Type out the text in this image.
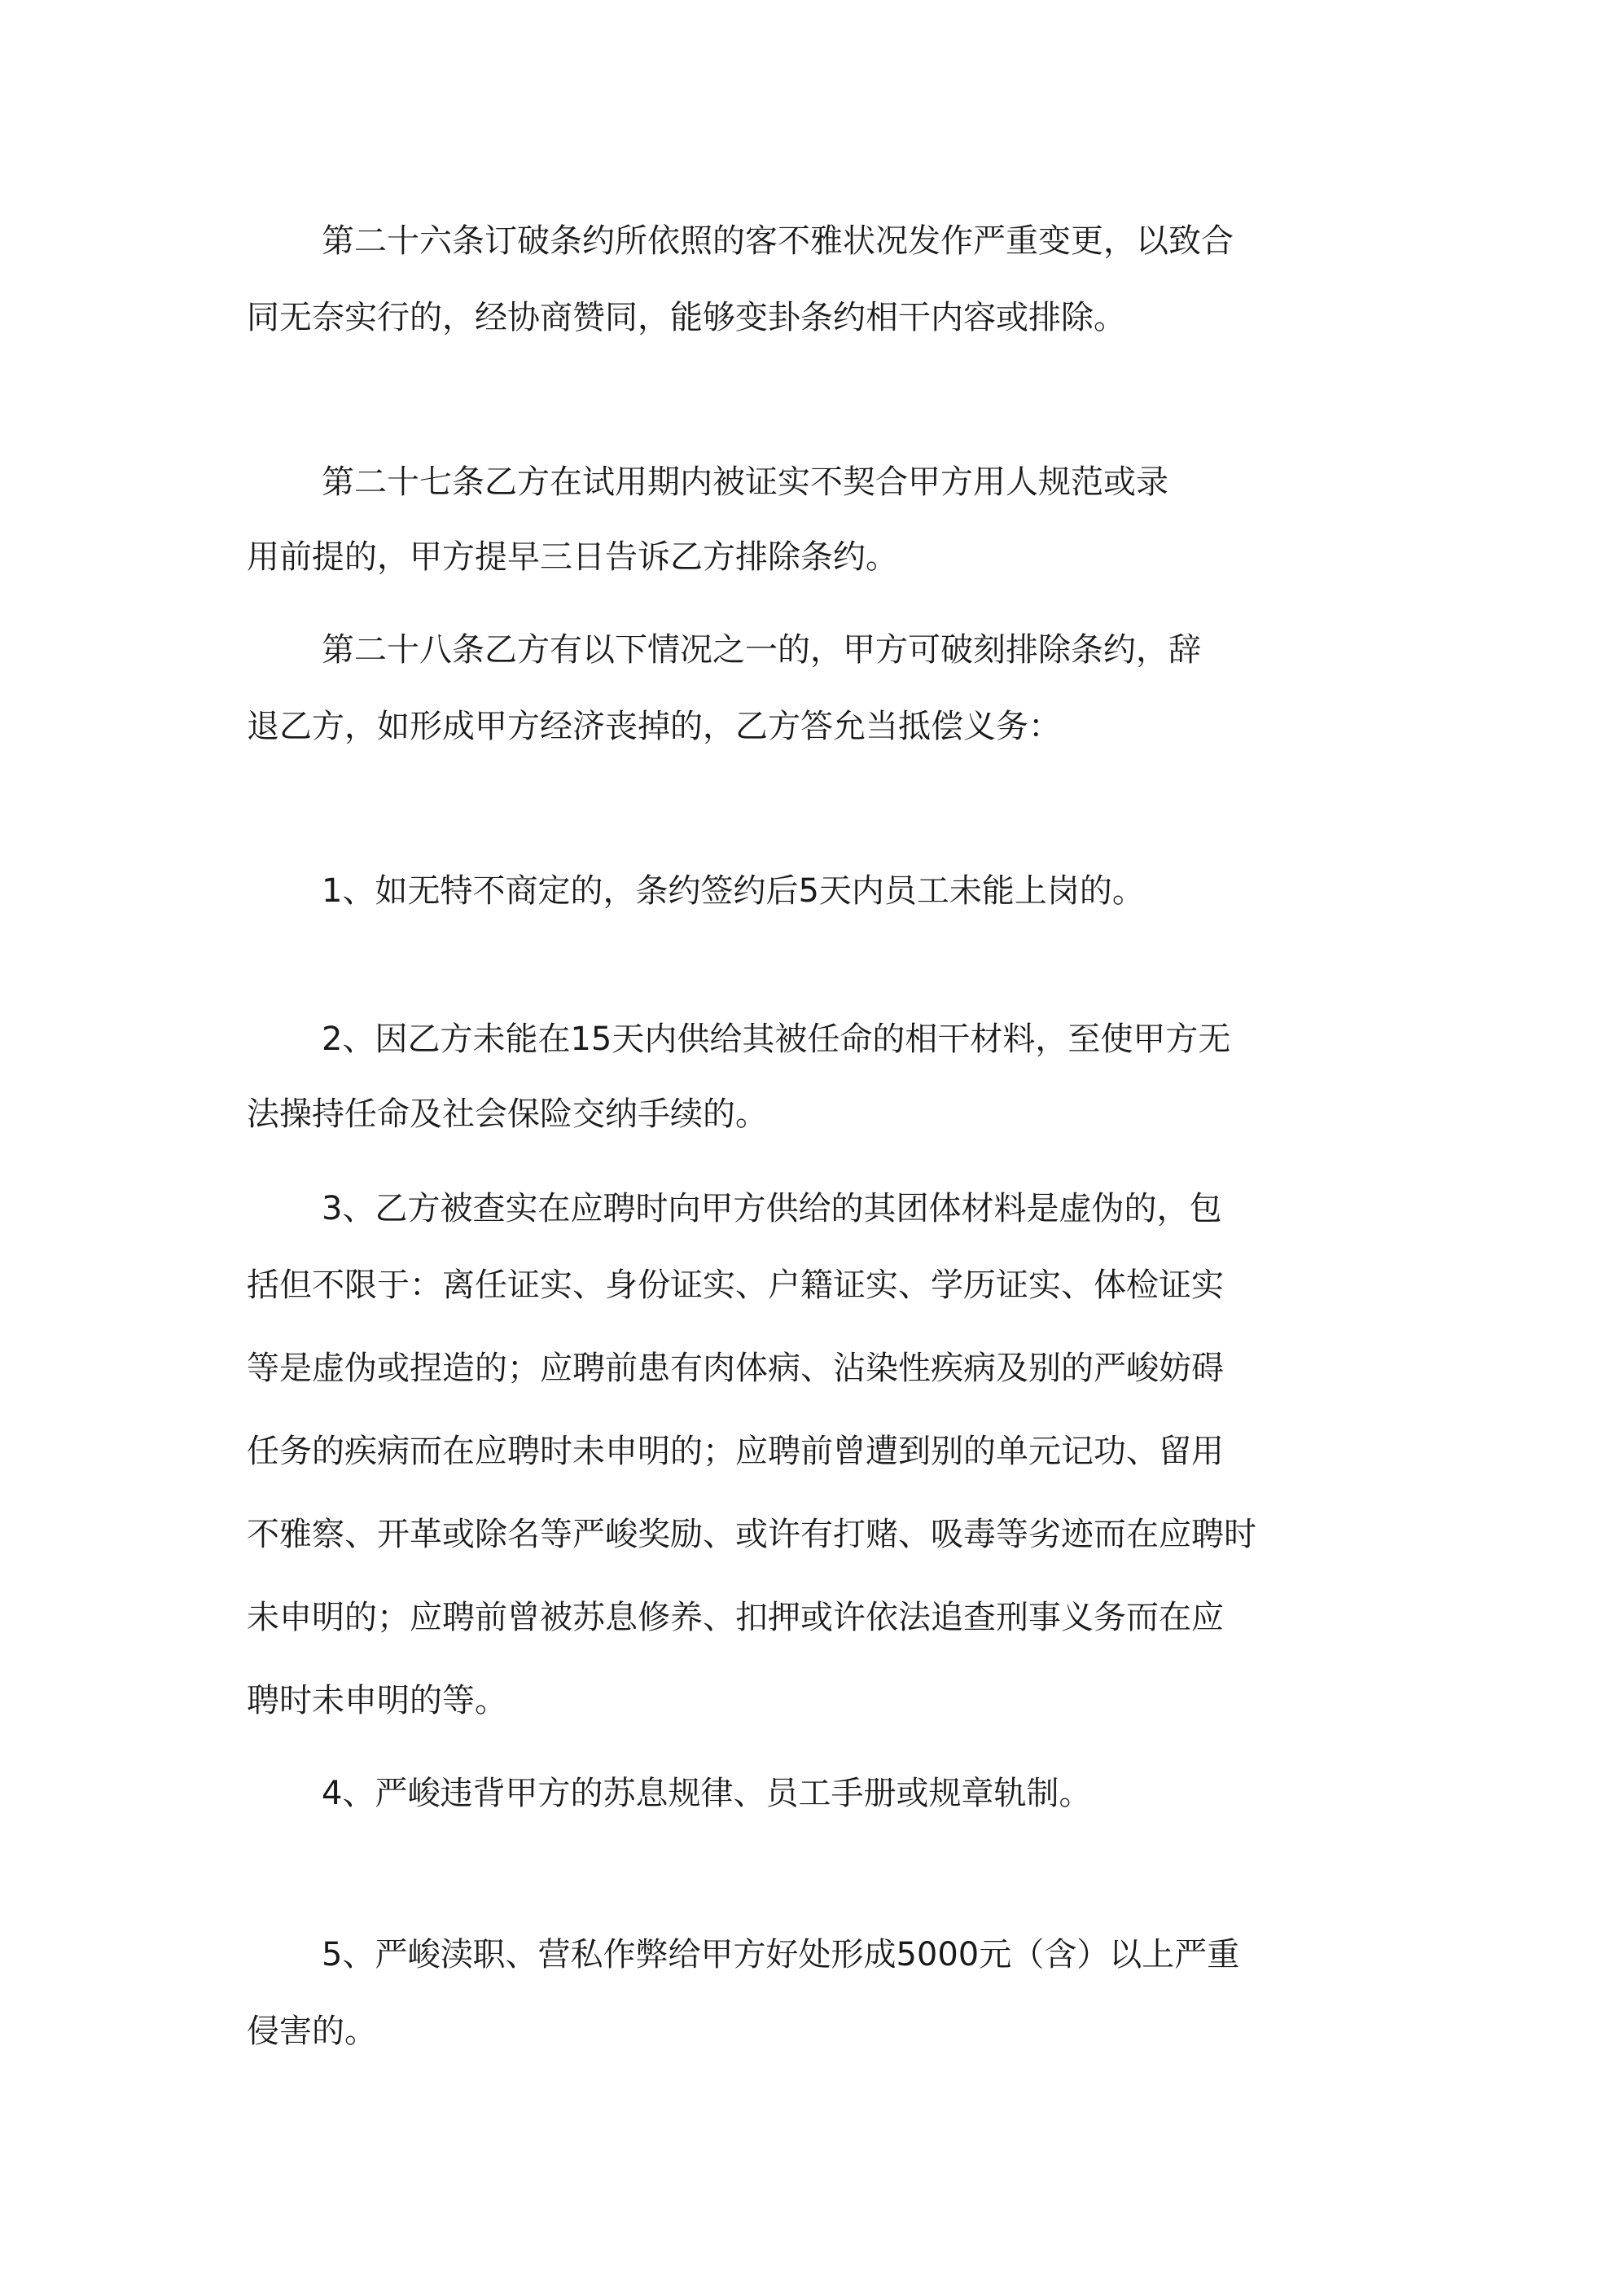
第二十六条订破条约所依照的客不雅状况发作严重变更，以致合

同无奈实行的，经协商赞同，能够变卦条约相干内容或排除。

第二十七条乙方在试用期内被证实不契合甲方用人规范或录

用前提的，甲方提早三日告诉乙方排除条约。

第二十八条乙方有以下情况之一的，甲方可破刻排除条约，辞

退乙方，如形成甲方经济丧掉的，乙方答允当抵偿义务：

1、如无特不商定的，条约签约后5天内员工未能上岗的。

2、因乙方未能在15天内供给其被任命的相干材料，至使甲方无

法操持任命及社会保险交纳手续的。

3、乙方被查实在应聘时向甲方供给的其团体材料是虚伪的，包

括但不限于：离任证实、身份证实、户籍证实、学历证实、体检证实

等是虚伪或捏造的；应聘前患有肉体病、沾染性疾病及别的严峻妨碍

任务的疾病而在应聘时未申明的；应聘前曾遭到别的单元记功、留用

不雅察、开革或除名等严峻奖励、或许有打赌、吸毒等劣迹而在应聘时

未申明的；应聘前曾被苏息修养、扣押或许依法追查刑事义务而在应

聘时未申明的等。

4、严峻违背甲方的苏息规律、员工手册或规章轨制。

5、严峻渎职、营私作弊给甲方好处形成5000元（含）以上严重

侵害的。
